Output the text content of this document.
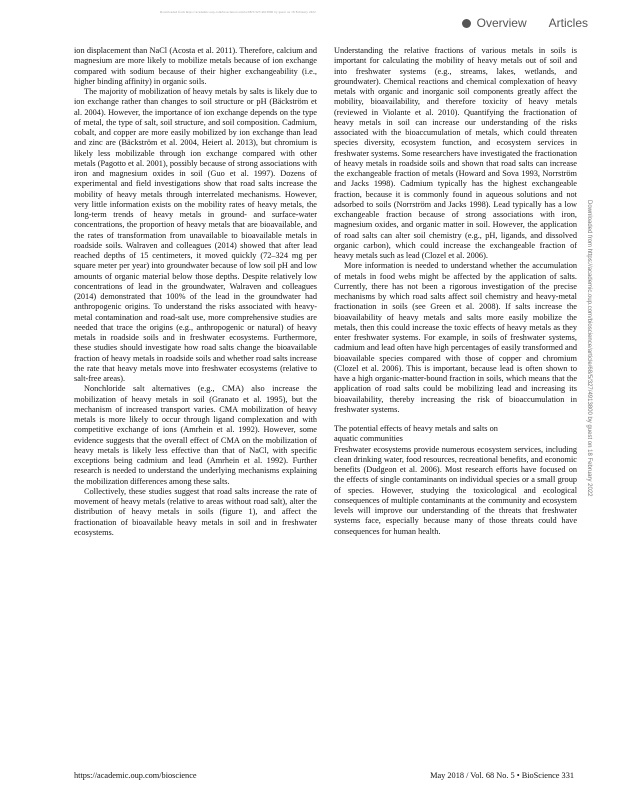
Downloaded from https://academic.oup.com/bioscience/article/68/5/327/4913800 by guest on 18 February 2022
Overview Articles

ion displacement than NaCl (Acosta et al. 2011). Therefore, calcium and magnesium are more likely to mobilize metals because of ion exchange compared with sodium because of their higher exchangeability (i.e., higher binding affinity) in organic soils.

The majority of mobilization of heavy metals by salts is likely due to ion exchange rather than changes to soil structure or pH (Bäckström et al. 2004). However, the importance of ion exchange depends on the type of metal, the type of salt, soil structure, and soil composition. Cadmium, cobalt, and copper are more easily mobilized by ion exchange than lead and zinc are (Bäckström et al. 2004, Heiert al. 2013), but chromium is likely less mobilizable through ion exchange compared with other metals (Pagotto et al. 2001), possibly because of strong associations with iron and magnesium oxides in soil (Guo et al. 1997). Dozens of experimental and field investigations show that road salts increase the mobility of heavy metals through interrelated mechanisms. However, very little information exists on the mobility rates of heavy metals, the long-term trends of heavy metals in ground- and surface-water concentrations, the proportion of heavy metals that are bioavailable, and the rates of transformation from unavailable to bioavailable metals in roadside soils. Walraven and colleagues (2014) showed that after lead reached depths of 15 centimeters, it moved quickly (72–324 mg per square meter per year) into groundwater because of low soil pH and low amounts of organic material below those depths. Despite relatively low concentrations of lead in the groundwater, Walraven and colleagues (2014) demonstrated that 100% of the lead in the groundwater had anthropogenic origins. To understand the risks associated with heavy-metal contamination and road-salt use, more comprehensive studies are needed that trace the origins (e.g., anthropogenic or natural) of heavy metals in roadside soils and in freshwater ecosystems. Furthermore, these studies should investigate how road salts change the bioavailable fraction of heavy metals in roadside soils and whether road salts increase the rate that heavy metals move into freshwater ecosystems (relative to salt-free areas).

Nonchloride salt alternatives (e.g., CMA) also increase the mobilization of heavy metals in soil (Granato et al. 1995), but the mechanism of increased transport varies. CMA mobilization of heavy metals is more likely to occur through ligand complexation and with competitive exchange of ions (Amrhein et al. 1992). However, some evidence suggests that the overall effect of CMA on the mobilization of heavy metals is likely less effective than that of NaCl, with specific exceptions being cadmium and lead (Amrhein et al. 1992). Further research is needed to understand the underlying mechanisms explaining the mobilization differences among these salts.

Collectively, these studies suggest that road salts increase the rate of movement of heavy metals (relative to areas without road salt), alter the distribution of heavy metals in soils (figure 1), and affect the fractionation of bioavailable heavy metals in soil and in freshwater ecosystems.

Understanding the relative fractions of various metals in soils is important for calculating the mobility of heavy metals out of soil and into freshwater systems (e.g., streams, lakes, wetlands, and groundwater). Chemical reactions and chemical complexation of heavy metals with organic and inorganic soil components greatly affect the mobility, bioavailability, and therefore toxicity of heavy metals (reviewed in Violante et al. 2010). Quantifying the fractionation of heavy metals in soil can increase our understanding of the risks associated with the bioaccumulation of metals, which could threaten species diversity, ecosystem function, and ecosystem services in freshwater systems. Some researchers have investigated the fractionation of heavy metals in roadside soils and shown that road salts can increase the exchangeable fraction of metals (Howard and Sova 1993, Norrström and Jacks 1998). Cadmium typically has the highest exchangeable fraction, because it is commonly found in aqueous solutions and not adsorbed to soils (Norrström and Jacks 1998). Lead typically has a low exchangeable fraction because of strong associations with iron, magnesium oxides, and organic matter in soil. However, the application of road salts can alter soil chemistry (e.g., pH, ligands, and dissolved organic carbon), which could increase the exchangeable fraction of heavy metals such as lead (Clozel et al. 2006).

More information is needed to understand whether the accumulation of metals in food webs might be affected by the application of salts. Currently, there has not been a rigorous investigation of the precise mechanisms by which road salts affect soil chemistry and heavy-metal fractionation in soils (see Green et al. 2008). If salts increase the bioavailability of heavy metals and salts more easily mobilize the metals, then this could increase the toxic effects of heavy metals as they enter freshwater systems. For example, in soils of freshwater systems, cadmium and lead often have high percentages of easily transformed and bioavailable species compared with those of copper and chromium (Clozel et al. 2006). This is important, because lead is often shown to have a high organic-matter-bound fraction in soils, which means that the application of road salts could be mobilizing lead and increasing its bioavailability, thereby increasing the risk of bioaccumulation in freshwater systems.

The potential effects of heavy metals and salts on

aquatic communities

Freshwater ecosystems provide numerous ecosystem services, including clean drinking water, food resources, recreational benefits, and economic benefits (Dudgeon et al. 2006). Most research efforts have focused on the effects of single contaminants on individual species or a small group of species. However, studying the toxicological and ecological consequences of multiple contaminants at the community and ecosystem levels will improve our understanding of the threats that freshwater systems face, especially because many of those threats could have consequences for human health.

Downloaded from https://academic.oup.com/bioscience/article/68/5/327/4913800 by guest on 18 February 2022
https://academic.oup.com/bioscience	May 2018 / Vol. 68 No. 5 • BioScience 331
